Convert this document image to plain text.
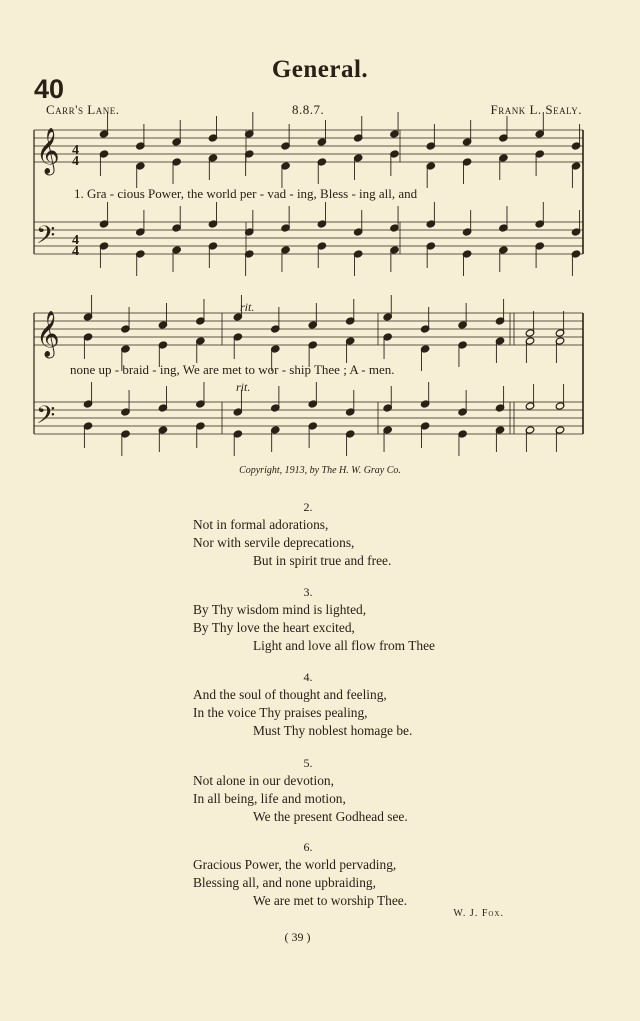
40
General.
Carr's Lane.	8.8.7.	Frank L. Sealy.
𝄞
𝄢
𝄞
𝄢
4
4
4
4
1. Gra - cious Power, the world per - vad - ing, Bless - ing all, and
none up - braid - ing, We are met to wor - ship Thee ; A - men.
rit.
rit.
Copyright, 1913, by The H. W. Gray Co.
2.
Not in formal adorations,
Nor with servile deprecations,
But in spirit true and free.
3.
By Thy wisdom mind is lighted,
By Thy love the heart excited,
Light and love all flow from Thee
4.
And the soul of thought and feeling,
In the voice Thy praises pealing,
Must Thy noblest homage be.
5.
Not alone in our devotion,
In all being, life and motion,
We the present Godhead see.
6.
Gracious Power, the world pervading,
Blessing all, and none upbraiding,
We are met to worship Thee.
W. J. Fox.
( 39 )
